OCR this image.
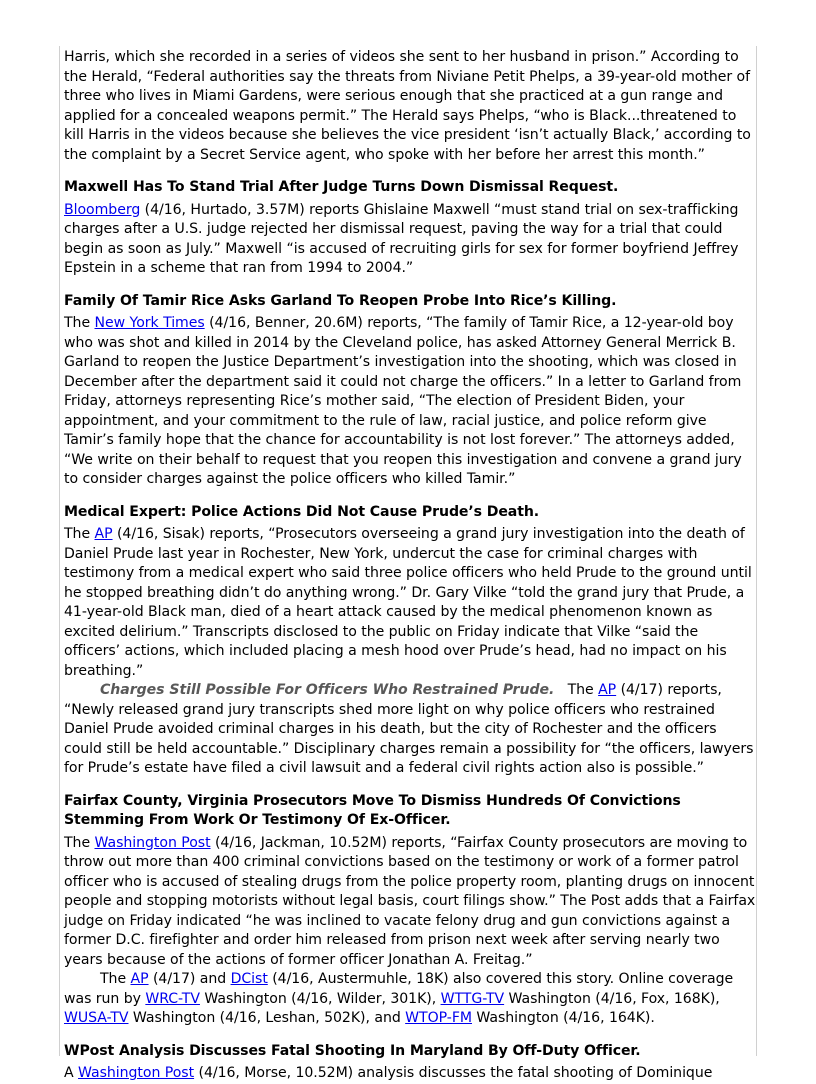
Harris, which she recorded in a series of videos she sent to her husband in prison.” According to the Herald, “Federal authorities say the threats from Niviane Petit Phelps, a 39-year-old mother of three who lives in Miami Gardens, were serious enough that she practiced at a gun range and applied for a concealed weapons permit.” The Herald says Phelps, “who is Black...threatened to kill Harris in the videos because she believes the vice president ‘isn’t actually Black,’ according to the complaint by a Secret Service agent, who spoke with her before her arrest this month.”

Maxwell Has To Stand Trial After Judge Turns Down Dismissal Request.

Bloomberg (4/16, Hurtado, 3.57M) reports Ghislaine Maxwell “must stand trial on sex-trafficking charges after a U.S. judge rejected her dismissal request, paving the way for a trial that could begin as soon as July.” Maxwell “is accused of recruiting girls for sex for former boyfriend Jeffrey Epstein in a scheme that ran from 1994 to 2004.”

Family Of Tamir Rice Asks Garland To Reopen Probe Into Rice’s Killing.

The New York Times (4/16, Benner, 20.6M) reports, “The family of Tamir Rice, a 12-year-old boy who was shot and killed in 2014 by the Cleveland police, has asked Attorney General Merrick B. Garland to reopen the Justice Department’s investigation into the shooting, which was closed in December after the department said it could not charge the officers.” In a letter to Garland from Friday, attorneys representing Rice’s mother said, “The election of President Biden, your appointment, and your commitment to the rule of law, racial justice, and police reform give Tamir’s family hope that the chance for accountability is not lost forever.” The attorneys added, “We write on their behalf to request that you reopen this investigation and convene a grand jury to consider charges against the police officers who killed Tamir.”

Medical Expert: Police Actions Did Not Cause Prude’s Death.

The AP (4/16, Sisak) reports, “Prosecutors overseeing a grand jury investigation into the death of Daniel Prude last year in Rochester, New York, undercut the case for criminal charges with testimony from a medical expert who said three police officers who held Prude to the ground until he stopped breathing didn’t do anything wrong.” Dr. Gary Vilke “told the grand jury that Prude, a 41-year-old Black man, died of a heart attack caused by the medical phenomenon known as excited delirium.” Transcripts disclosed to the public on Friday indicate that Vilke “said the officers’ actions, which included placing a mesh hood over Prude’s head, had no impact on his breathing.”

Charges Still Possible For Officers Who Restrained Prude.   The AP (4/17) reports, “Newly released grand jury transcripts shed more light on why police officers who restrained Daniel Prude avoided criminal charges in his death, but the city of Rochester and the officers could still be held accountable.” Disciplinary charges remain a possibility for “the officers, lawyers for Prude’s estate have filed a civil lawsuit and a federal civil rights action also is possible.”

Fairfax County, Virginia Prosecutors Move To Dismiss Hundreds Of Convictions Stemming From Work Or Testimony Of Ex-Officer.

The Washington Post (4/16, Jackman, 10.52M) reports, “Fairfax County prosecutors are moving to throw out more than 400 criminal convictions based on the testimony or work of a former patrol officer who is accused of stealing drugs from the police property room, planting drugs on innocent people and stopping motorists without legal basis, court filings show.” The Post adds that a Fairfax judge on Friday indicated “he was inclined to vacate felony drug and gun convictions against a former D.C. firefighter and order him released from prison next week after serving nearly two years because of the actions of former officer Jonathan A. Freitag.”

The AP (4/17) and DCist (4/16, Austermuhle, 18K) also covered this story. Online coverage was run by WRC-TV Washington (4/16, Wilder, 301K), WTTG-TV Washington (4/16, Fox, 168K), WUSA-TV Washington (4/16, Leshan, 502K), and WTOP-FM Washington (4/16, 164K).

WPost Analysis Discusses Fatal Shooting In Maryland By Off-Duty Officer.

A Washington Post (4/16, Morse, 10.52M) analysis discusses the fatal shooting of Dominique
